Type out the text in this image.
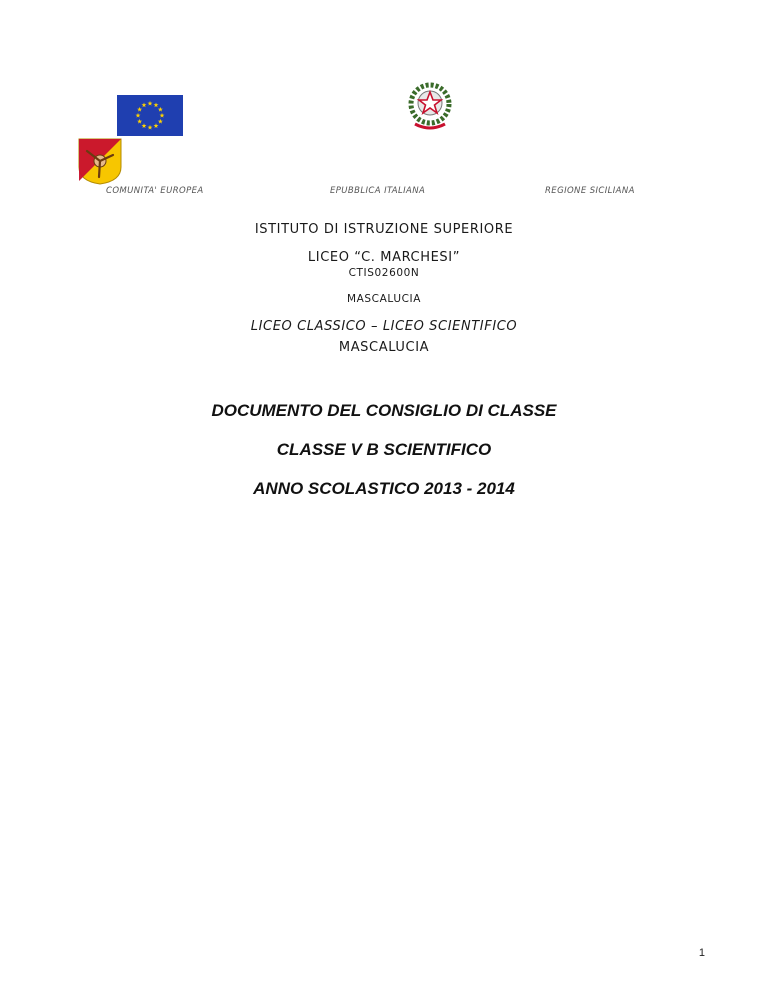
COMUNITA' EUROPEA	EPUBBLICA ITALIANA	REGIONE SICILIANA
ISTITUTO DI ISTRUZIONE SUPERIORE
LICEO “C. MARCHESI”
CTIS02600N
MASCALUCIA
LICEO CLASSICO – LICEO SCIENTIFICO
MASCALUCIA
DOCUMENTO DEL CONSIGLIO DI CLASSE
CLASSE V B SCIENTIFICO
ANNO SCOLASTICO 2013 - 2014
1
